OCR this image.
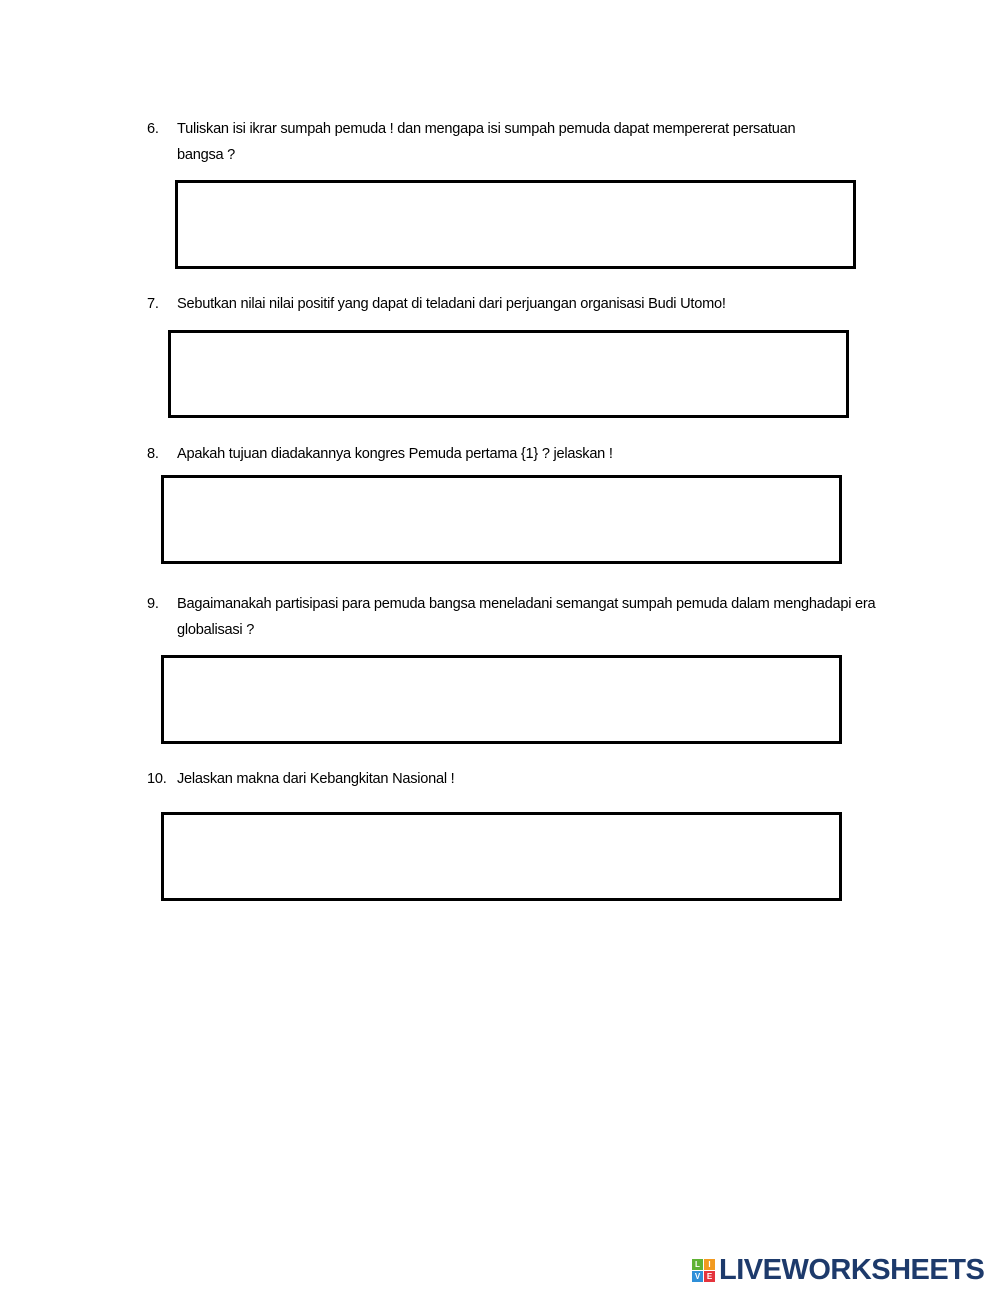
6. Tuliskan isi ikrar sumpah pemuda ! dan mengapa isi sumpah pemuda dapat mempererat persatuan bangsa ?
7. Sebutkan nilai nilai positif yang dapat di teladani dari perjuangan organisasi Budi Utomo!
8. Apakah tujuan diadakannya kongres Pemuda pertama {1} ? jelaskan !
9. Bagaimanakah partisipasi para pemuda bangsa meneladani semangat sumpah pemuda dalam menghadapi era globalisasi ?
10. Jelaskan makna dari Kebangkitan Nasional !
L	I
V E LIVEWORKSHEETS
